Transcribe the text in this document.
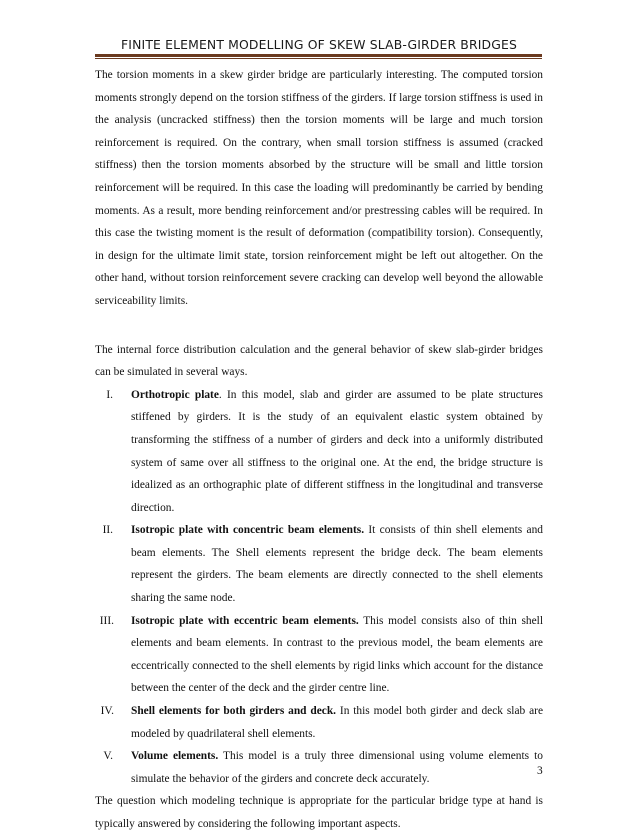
FINITE ELEMENT MODELLING OF SKEW SLAB-GIRDER BRIDGES

The torsion moments in a skew girder bridge are particularly interesting. The computed torsion moments strongly depend on the torsion stiffness of the girders. If large torsion stiffness is used in the analysis (uncracked stiffness) then the torsion moments will be large and much torsion reinforcement is required. On the contrary, when small torsion stiffness is assumed (cracked stiffness) then the torsion moments absorbed by the structure will be small and little torsion reinforcement will be required. In this case the loading will predominantly be carried by bending moments. As a result, more bending reinforcement and/or prestressing cables will be required. In this case the twisting moment is the result of deformation (compatibility torsion). Consequently, in design for the ultimate limit state, torsion reinforcement might be left out altogether. On the other hand, without torsion reinforcement severe cracking can develop well beyond the allowable serviceability limits.

The internal force distribution calculation and the general behavior of skew slab-girder bridges can be simulated in several ways.

I. Orthotropic plate. In this model, slab and girder are assumed to be plate structures stiffened by girders. It is the study of an equivalent elastic system obtained by transforming the stiffness of a number of girders and deck into a uniformly distributed system of same over all stiffness to the original one. At the end, the bridge structure is idealized as an orthographic plate of different stiffness in the longitudinal and transverse direction.
II. Isotropic plate with concentric beam elements. It consists of thin shell elements and beam elements. The Shell elements represent the bridge deck. The beam elements represent the girders. The beam elements are directly connected to the shell elements sharing the same node.
III. Isotropic plate with eccentric beam elements. This model consists also of thin shell elements and beam elements. In contrast to the previous model, the beam elements are eccentrically connected to the shell elements by rigid links which account for the distance between the center of the deck and the girder centre line.
IV. Shell elements for both girders and deck. In this model both girder and deck slab are modeled by quadrilateral shell elements.
V. Volume elements. This model is a truly three dimensional using volume elements to simulate the behavior of the girders and concrete deck accurately.

The question which modeling technique is appropriate for the particular bridge type at hand is typically answered by considering the following important aspects.

3
